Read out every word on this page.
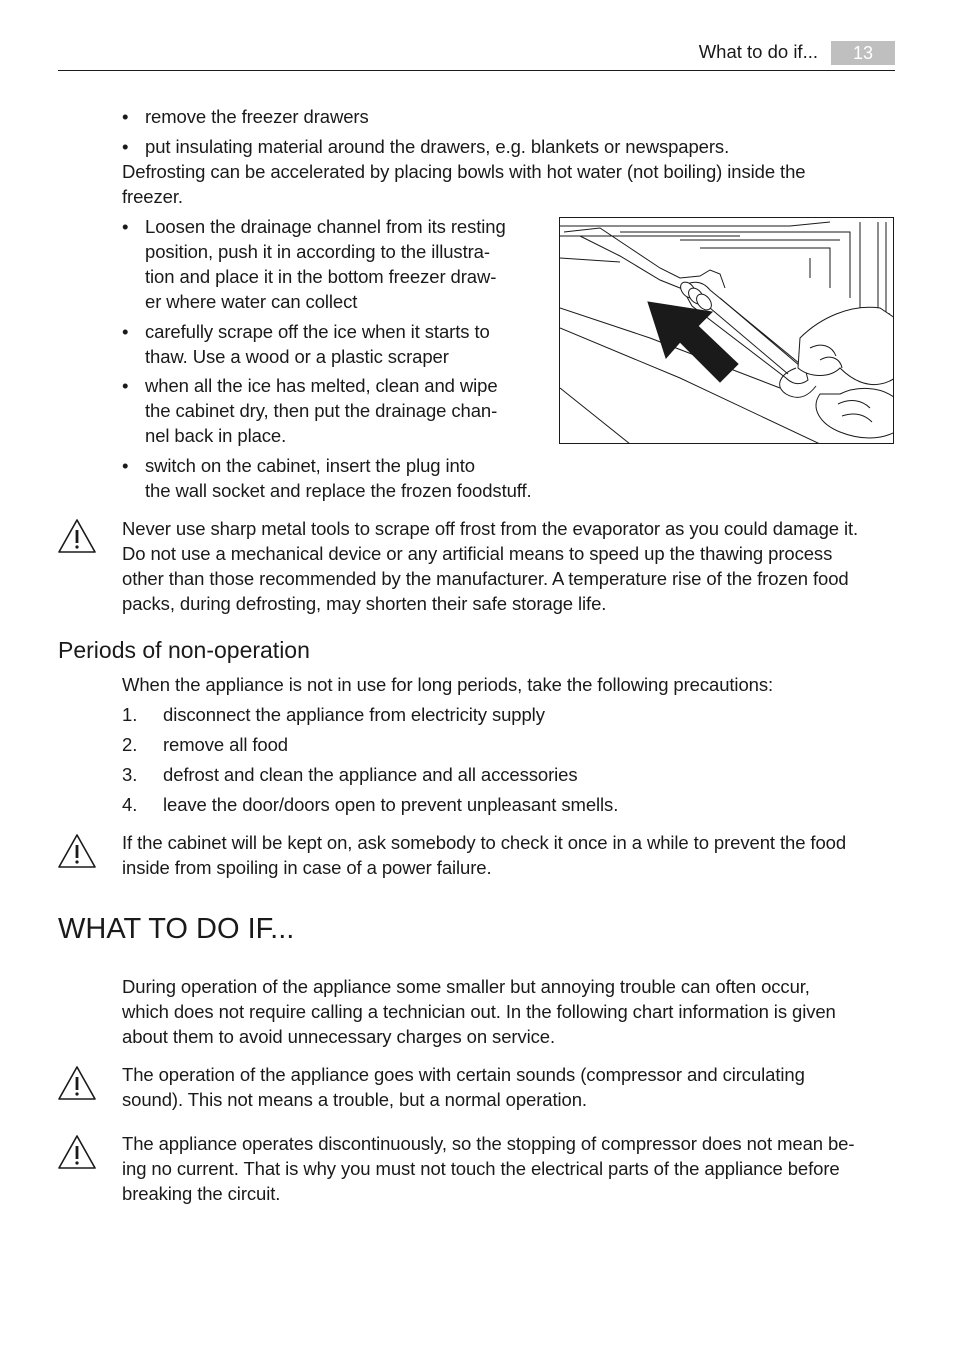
What to do if...	13
• remove the freezer drawers
• put insulating material around the drawers, e.g. blankets or newspapers.
Defrosting can be accelerated by placing bowls with hot water (not boiling) inside the
freezer.
• Loosen the drainage channel from its resting
position, push it in according to the illustra-
tion and place it in the bottom freezer draw-
er where water can collect
• carefully scrape off the ice when it starts to
thaw. Use a wood or a plastic scraper
• when all the ice has melted, clean and wipe
the cabinet dry, then put the drainage chan-
nel back in place.
• switch on the cabinet, insert the plug into
the wall socket and replace the frozen foodstuff.
Never use sharp metal tools to scrape off frost from the evaporator as you could damage it.
Do not use a mechanical device or any artificial means to speed up the thawing process
other than those recommended by the manufacturer. A temperature rise of the frozen food
packs, during defrosting, may shorten their safe storage life.
Periods of non-operation
When the appliance is not in use for long periods, take the following precautions:
1. disconnect the appliance from electricity supply
2. remove all food
3. defrost and clean the appliance and all accessories
4. leave the door/doors open to prevent unpleasant smells.
If the cabinet will be kept on, ask somebody to check it once in a while to prevent the food
inside from spoiling in case of a power failure.
WHAT TO DO IF...
During operation of the appliance some smaller but annoying trouble can often occur,
which does not require calling a technician out. In the following chart information is given
about them to avoid unnecessary charges on service.
The operation of the appliance goes with certain sounds (compressor and circulating
sound). This not means a trouble, but a normal operation.
The appliance operates discontinuously, so the stopping of compressor does not mean be-
ing no current. That is why you must not touch the electrical parts of the appliance before
breaking the circuit.
